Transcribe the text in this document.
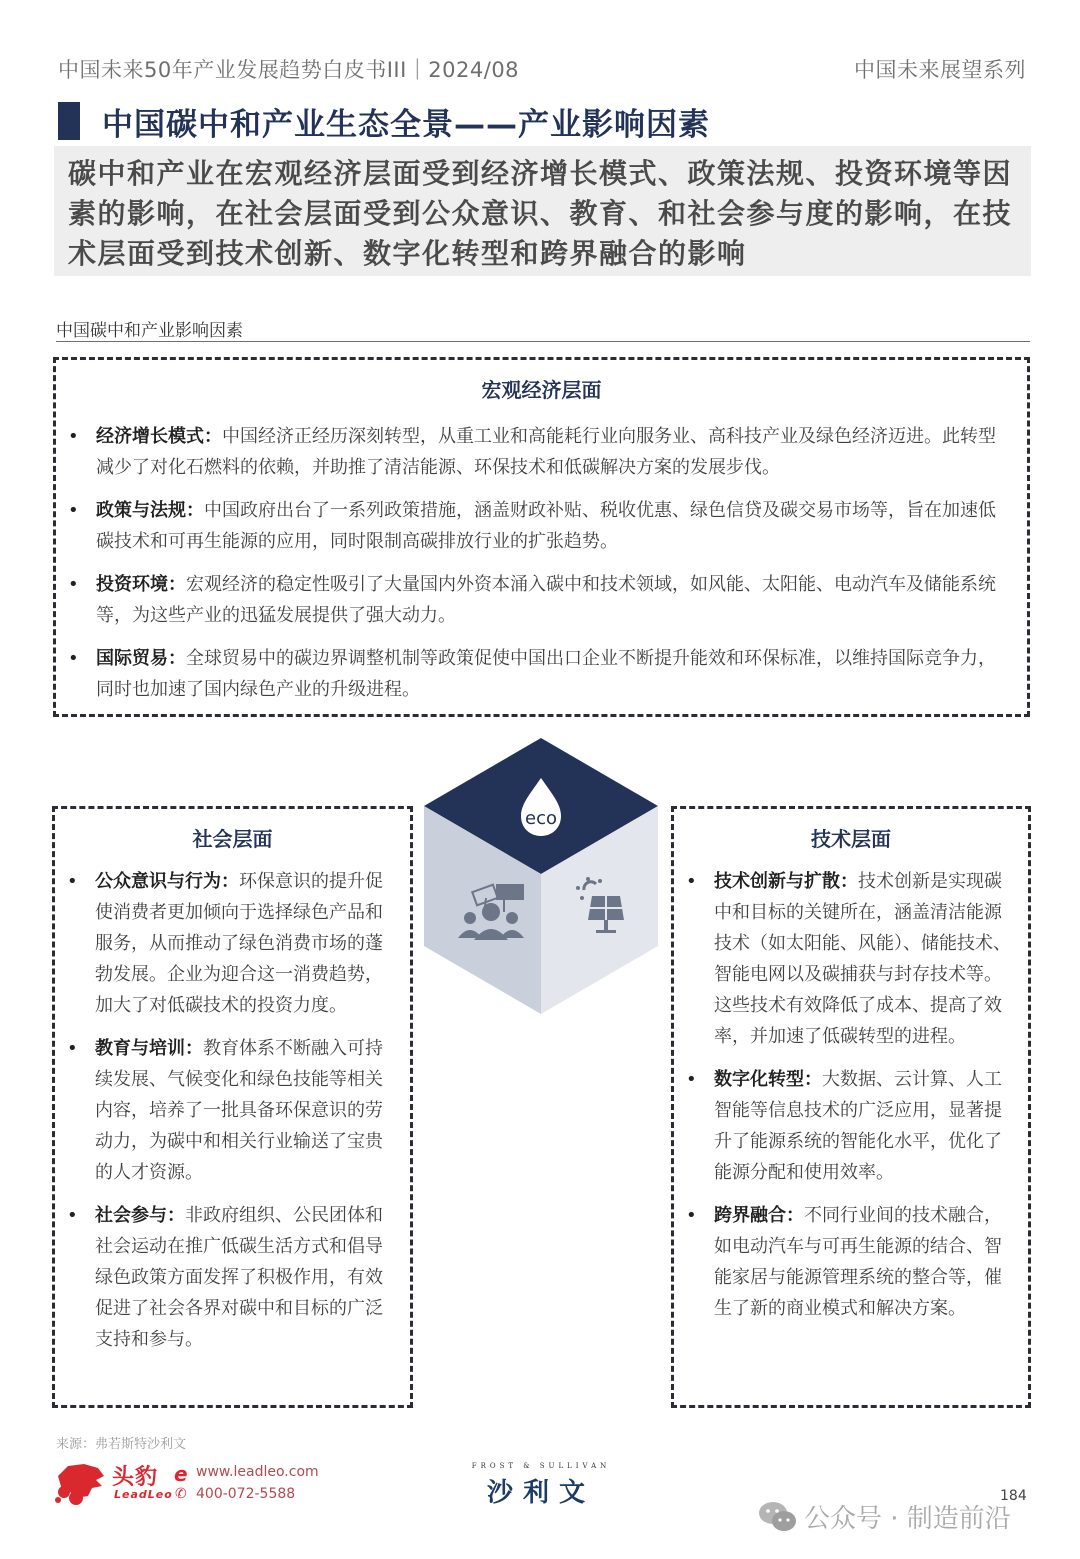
中国未来50年产业发展趋势白皮书III｜2024/08	中国未来展望系列
中国碳中和产业生态全景——产业影响因素
碳中和产业在宏观经济层面受到经济增长模式、政策法规、投资环境等因素的影响，在社会层面受到公众意识、教育、和社会参与度的影响，在技术层面受到技术创新、数字化转型和跨界融合的影响
中国碳中和产业影响因素
宏观经济层面
• 经济增长模式：中国经济正经历深刻转型，从重工业和高能耗行业向服务业、高科技产业及绿色经济迈进。此转型减少了对化石燃料的依赖，并助推了清洁能源、环保技术和低碳解决方案的发展步伐。
• 政策与法规：中国政府出台了一系列政策措施，涵盖财政补贴、税收优惠、绿色信贷及碳交易市场等，旨在加速低碳技术和可再生能源的应用，同时限制高碳排放行业的扩张趋势。
• 投资环境：宏观经济的稳定性吸引了大量国内外资本涌入碳中和技术领域，如风能、太阳能、电动汽车及储能系统等，为这些产业的迅猛发展提供了强大动力。
• 国际贸易：全球贸易中的碳边界调整机制等政策促使中国出口企业不断提升能效和环保标准，以维持国际竞争力，同时也加速了国内绿色产业的升级进程。
社会层面
• 公众意识与行为：环保意识的提升促使消费者更加倾向于选择绿色产品和服务，从而推动了绿色消费市场的蓬勃发展。企业为迎合这一消费趋势，加大了对低碳技术的投资力度。
• 教育与培训：教育体系不断融入可持续发展、气候变化和绿色技能等相关内容，培养了一批具备环保意识的劳动力，为碳中和相关行业输送了宝贵的人才资源。
• 社会参与：非政府组织、公民团体和社会运动在推广低碳生活方式和倡导绿色政策方面发挥了积极作用，有效促进了社会各界对碳中和目标的广泛支持和参与。
技术层面
• 技术创新与扩散：技术创新是实现碳中和目标的关键所在，涵盖清洁能源技术（如太阳能、风能）、储能技术、智能电网以及碳捕获与封存技术等。这些技术有效降低了成本、提高了效率，并加速了低碳转型的进程。
• 数字化转型：大数据、云计算、人工智能等信息技术的广泛应用，显著提升了能源系统的智能化水平，优化了能源分配和使用效率。
• 跨界融合：不同行业间的技术融合，如电动汽车与可再生能源的结合、智能家居与能源管理系统的整合等，催生了新的商业模式和解决方案。
eco
来源：弗若斯特沙利文
头豹
LeadLeo
e www.leadleo.com
✆ 400-072-5588
FROST & SULLIVAN
沙利文	184
公众号 · 制造前沿
